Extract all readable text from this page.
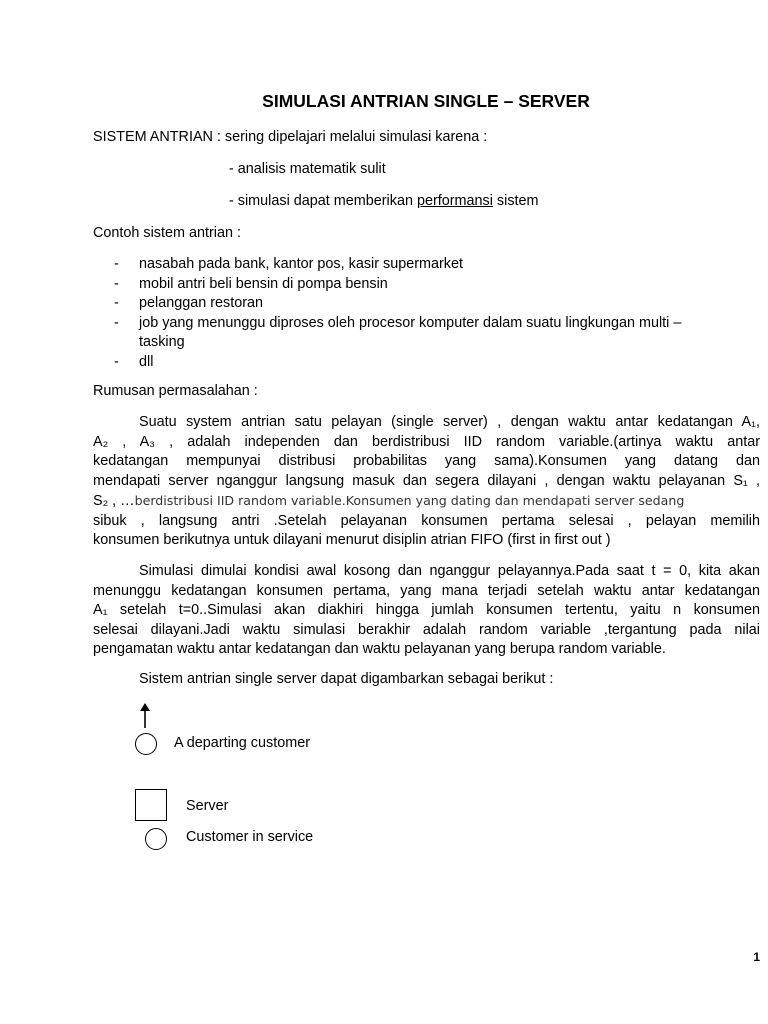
SIMULASI ANTRIAN SINGLE – SERVER
SISTEM ANTRIAN : sering dipelajari melalui simulasi karena :
- analisis matematik sulit
- simulasi dapat memberikan performansi sistem
Contoh sistem antrian :
- nasabah pada bank, kantor pos, kasir supermarket
- mobil antri beli bensin di pompa bensin
- pelanggan restoran
- job yang menunggu diproses oleh procesor komputer dalam suatu lingkungan multi –
tasking
- dll
Rumusan permasalahan :
Suatu system antrian satu pelayan (single server) , dengan waktu antar kedatangan A₁,
A₂ , A₃ , adalah independen dan berdistribusi IID random variable.(artinya waktu antar
kedatangan mempunyai distribusi probabilitas yang sama).Konsumen yang datang dan
mendapati server nganggur langsung masuk dan segera dilayani , dengan waktu pelayanan S₁ ,
S₂ , …berdistribusi IID random variable.Konsumen yang dating dan mendapati server sedang
sibuk , langsung antri .Setelah pelayanan konsumen pertama selesai , pelayan memilih
konsumen berikutnya untuk dilayani menurut disiplin atrian FIFO (first in first out )
Simulasi dimulai kondisi awal kosong dan nganggur pelayannya.Pada saat t = 0, kita akan
menunggu kedatangan konsumen pertama, yang mana terjadi setelah waktu antar kedatangan
A₁ setelah t=0..Simulasi akan diakhiri hingga jumlah konsumen tertentu, yaitu n konsumen
selesai dilayani.Jadi waktu simulasi berakhir adalah random variable ,tergantung pada nilai
pengamatan waktu antar kedatangan dan waktu pelayanan yang berupa random variable.
Sistem antrian single server dapat digambarkan sebagai berikut :
A departing customer
Server
Customer in service
1
